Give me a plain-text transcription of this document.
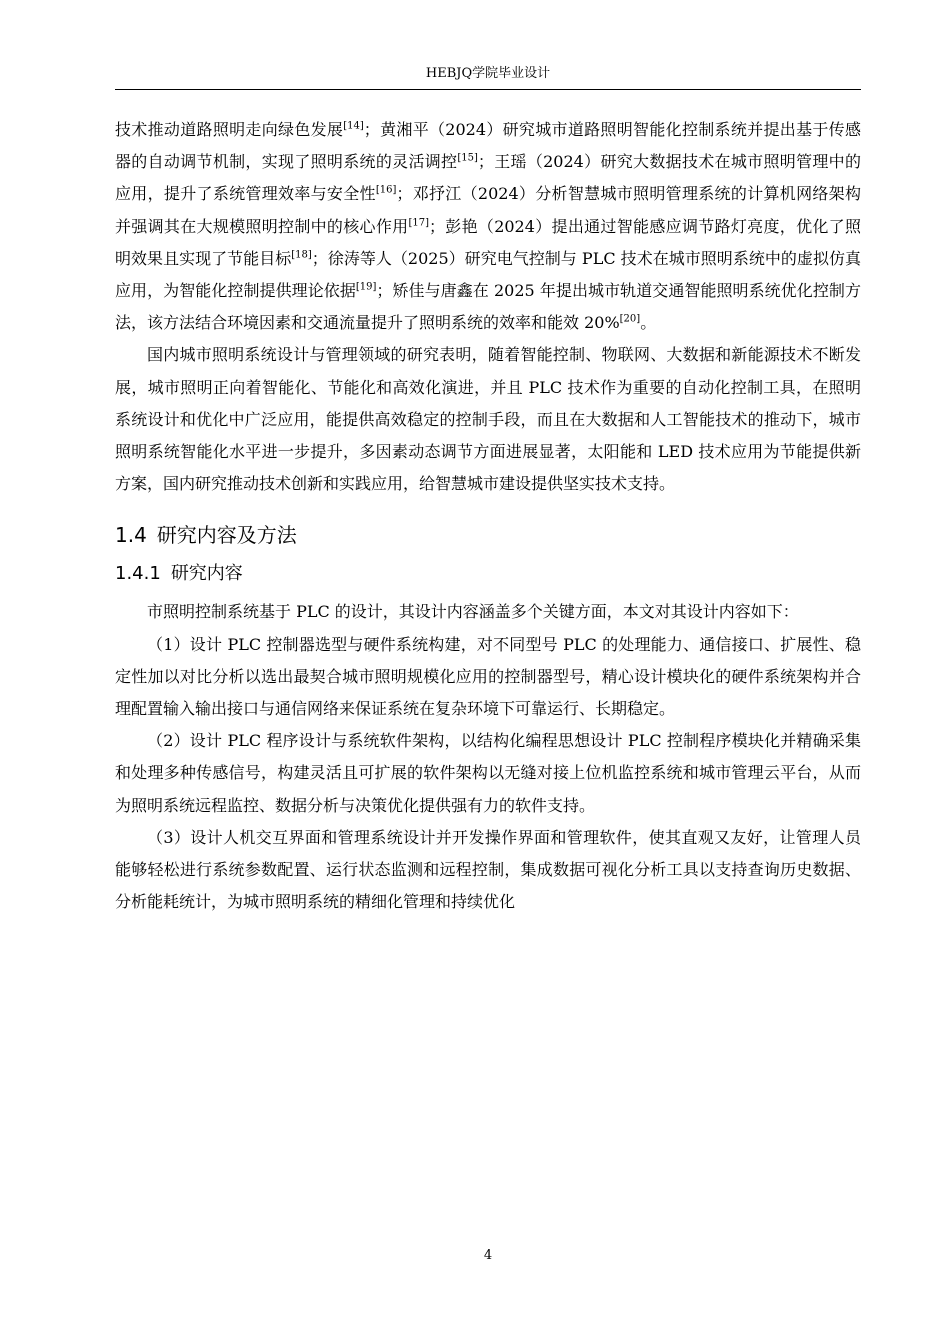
HEBJQ学院毕业设计

技术推动道路照明走向绿色发展[14]；黄湘平（2024）研究城市道路照明智能化控制系统并提出基于传感器的自动调节机制，实现了照明系统的灵活调控[15]；王瑶（2024）研究大数据技术在城市照明管理中的应用，提升了系统管理效率与安全性[16]；邓抒江（2024）分析智慧城市照明管理系统的计算机网络架构并强调其在大规模照明控制中的核心作用[17]；彭艳（2024）提出通过智能感应调节路灯亮度，优化了照明效果且实现了节能目标[18]；徐涛等人（2025）研究电气控制与 PLC 技术在城市照明系统中的虚拟仿真应用，为智能化控制提供理论依据[19]；矫佳与唐鑫在 2025 年提出城市轨道交通智能照明系统优化控制方法，该方法结合环境因素和交通流量提升了照明系统的效率和能效 20%[20]。

国内城市照明系统设计与管理领域的研究表明，随着智能控制、物联网、大数据和新能源技术不断发展，城市照明正向着智能化、节能化和高效化演进，并且 PLC 技术作为重要的自动化控制工具，在照明系统设计和优化中广泛应用，能提供高效稳定的控制手段，而且在大数据和人工智能技术的推动下，城市照明系统智能化水平进一步提升，多因素动态调节方面进展显著，太阳能和 LED 技术应用为节能提供新方案，国内研究推动技术创新和实践应用，给智慧城市建设提供坚实技术支持。

1.4 研究内容及方法
1.4.1 研究内容

市照明控制系统基于 PLC 的设计，其设计内容涵盖多个关键方面，本文对其设计内容如下：

（1）设计 PLC 控制器选型与硬件系统构建，对不同型号 PLC 的处理能力、通信接口、扩展性、稳定性加以对比分析以选出最契合城市照明规模化应用的控制器型号，精心设计模块化的硬件系统架构并合理配置输入输出接口与通信网络来保证系统在复杂环境下可靠运行、长期稳定。

（2）设计 PLC 程序设计与系统软件架构，以结构化编程思想设计 PLC 控制程序模块化并精确采集和处理多种传感信号，构建灵活且可扩展的软件架构以无缝对接上位机监控系统和城市管理云平台，从而为照明系统远程监控、数据分析与决策优化提供强有力的软件支持。

（3）设计人机交互界面和管理系统设计并开发操作界面和管理软件，使其直观又友好，让管理人员能够轻松进行系统参数配置、运行状态监测和远程控制，集成数据可视化分析工具以支持查询历史数据、分析能耗统计，为城市照明系统的精细化管理和持续优化

4
